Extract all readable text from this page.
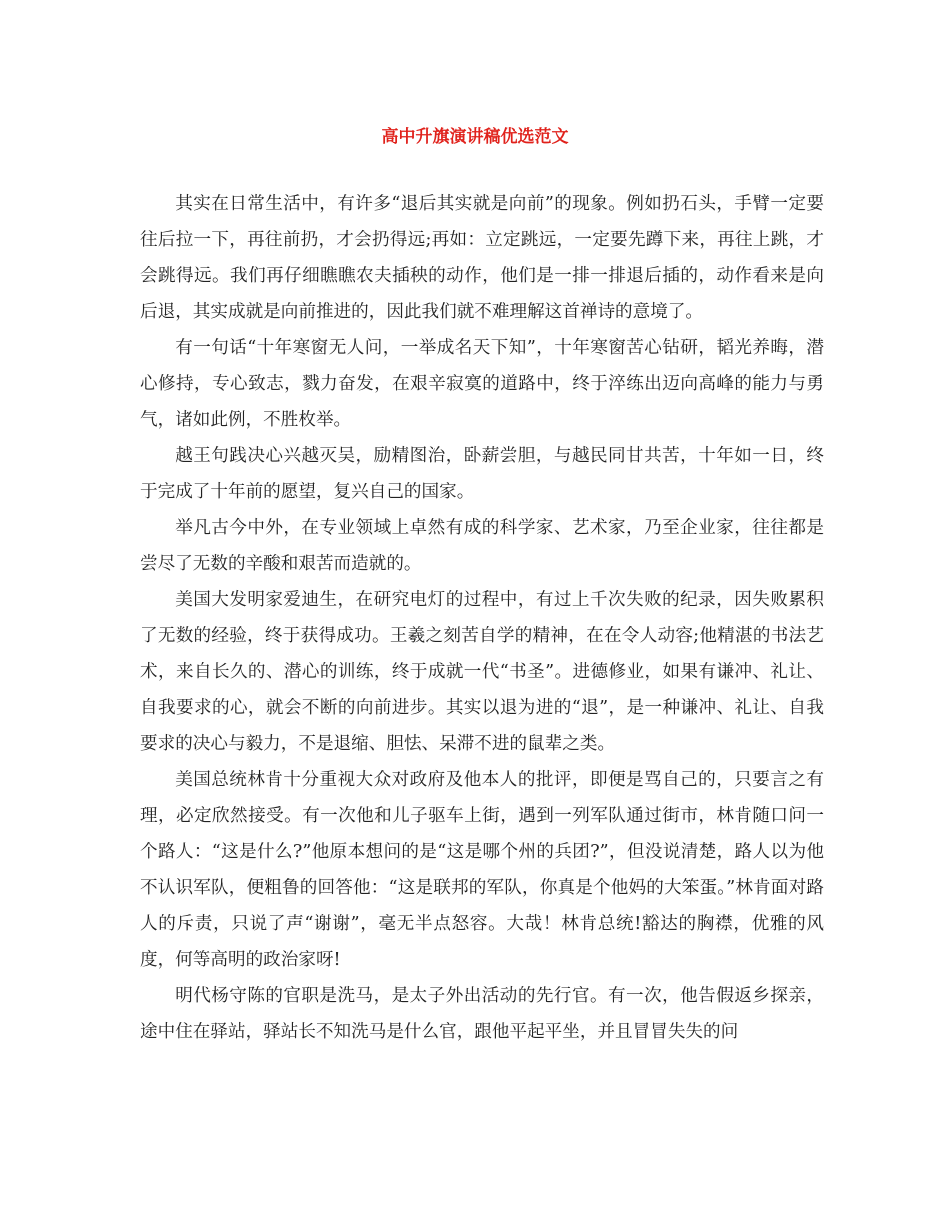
高中升旗演讲稿优选范文

其实在日常生活中，有许多“退后其实就是向前”的现象。例如扔石头，手臂一定要往后拉一下，再往前扔，才会扔得远;再如：立定跳远，一定要先蹲下来，再往上跳，才会跳得远。我们再仔细瞧瞧农夫插秧的动作，他们是一排一排退后插的，动作看来是向后退，其实成就是向前推进的，因此我们就不难理解这首禅诗的意境了。

有一句话“十年寒窗无人问，一举成名天下知”，十年寒窗苦心钻研，韬光养晦，潜心修持，专心致志，戮力奋发，在艰辛寂寞的道路中，终于淬练出迈向高峰的能力与勇气，诸如此例，不胜枚举。

越王句践决心兴越灭吴，励精图治，卧薪尝胆，与越民同甘共苦，十年如一日，终于完成了十年前的愿望，复兴自己的国家。

举凡古今中外，在专业领域上卓然有成的科学家、艺术家，乃至企业家，往往都是尝尽了无数的辛酸和艰苦而造就的。

美国大发明家爱迪生，在研究电灯的过程中，有过上千次失败的纪录，因失败累积了无数的经验，终于获得成功。王羲之刻苦自学的精神，在在令人动容;他精湛的书法艺术，来自长久的、潜心的训练，终于成就一代“书圣”。进德修业，如果有谦冲、礼让、自我要求的心，就会不断的向前进步。其实以退为进的“退”，是一种谦冲、礼让、自我要求的决心与毅力，不是退缩、胆怯、呆滞不进的鼠辈之类。

美国总统林肯十分重视大众对政府及他本人的批评，即便是骂自己的，只要言之有理，必定欣然接受。有一次他和儿子驱车上街，遇到一列军队通过街市，林肯随口问一个路人：“这是什么?”他原本想问的是“这是哪个州的兵团?”，但没说清楚，路人以为他不认识军队，便粗鲁的回答他：“这是联邦的军队，你真是个他妈的大笨蛋。”林肯面对路人的斥责，只说了声“谢谢”，毫无半点怒容。大哉！林肯总统!豁达的胸襟，优雅的风度，何等高明的政治家呀!

明代杨守陈的官职是洗马，是太子外出活动的先行官。有一次，他告假返乡探亲，途中住在驿站，驿站长不知洗马是什么官，跟他平起平坐，并且冒冒失失的问
